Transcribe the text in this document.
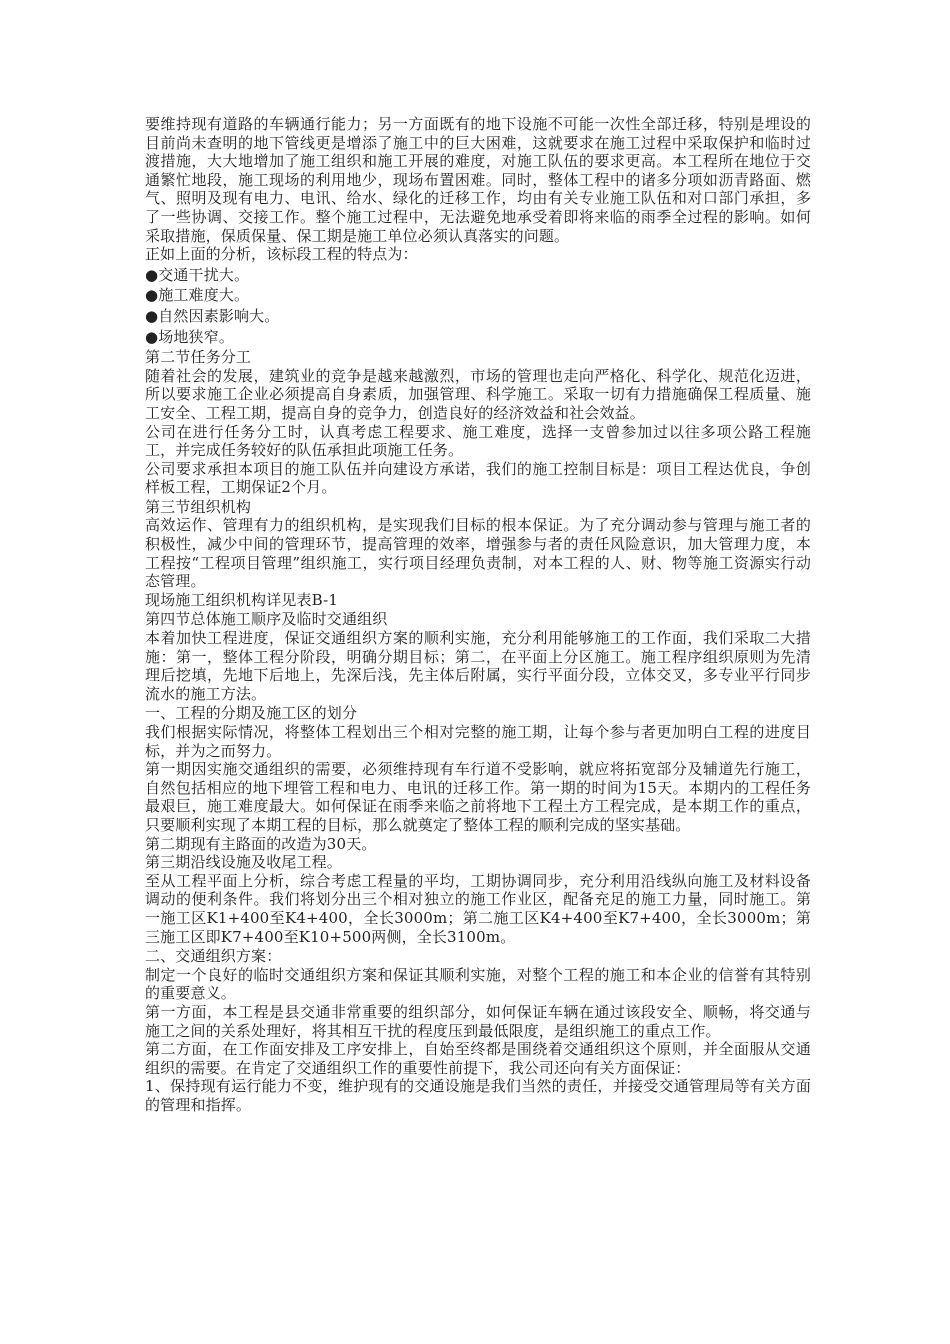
要维持现有道路的车辆通行能力；另一方面既有的地下设施不可能一次性全部迁移，特别是埋设的目前尚未查明的地下管线更是增添了施工中的巨大困难，这就要求在施工过程中采取保护和临时过渡措施，大大地增加了施工组织和施工开展的难度，对施工队伍的要求更高。本工程所在地位于交通繁忙地段，施工现场的利用地少，现场布置困难。同时，整体工程中的诸多分项如沥青路面、燃气、照明及现有电力、电讯、给水、绿化的迁移工作，均由有关专业施工队伍和对口部门承担，多了一些协调、交接工作。整个施工过程中，无法避免地承受着即将来临的雨季全过程的影响。如何采取措施，保质保量、保工期是施工单位必须认真落实的问题。

正如上面的分析，该标段工程的特点为：

●交通干扰大。

●施工难度大。

●自然因素影响大。

●场地狭窄。

第二节任务分工

随着社会的发展，建筑业的竞争是越来越激烈，市场的管理也走向严格化、科学化、规范化迈进，所以要求施工企业必须提高自身素质，加强管理、科学施工。采取一切有力措施确保工程质量、施工安全、工程工期，提高自身的竞争力，创造良好的经济效益和社会效益。

公司在进行任务分工时，认真考虑工程要求、施工难度，选择一支曾参加过以往多项公路工程施工，并完成任务较好的队伍承担此项施工任务。

公司要求承担本项目的施工队伍并向建设方承诺，我们的施工控制目标是：项目工程达优良，争创样板工程，工期保证2个月。

第三节组织机构

高效运作、管理有力的组织机构，是实现我们目标的根本保证。为了充分调动参与管理与施工者的积极性，减少中间的管理环节，提高管理的效率，增强参与者的责任风险意识，加大管理力度，本工程按“工程项目管理”组织施工，实行项目经理负责制，对本工程的人、财、物等施工资源实行动态管理。

现场施工组织机构详见表B-1

第四节总体施工顺序及临时交通组织

本着加快工程进度，保证交通组织方案的顺利实施，充分利用能够施工的工作面，我们采取二大措施：第一，整体工程分阶段，明确分期目标；第二，在平面上分区施工。施工程序组织原则为先清理后挖填，先地下后地上，先深后浅，先主体后附属，实行平面分段，立体交叉，多专业平行同步流水的施工方法。

一、工程的分期及施工区的划分

我们根据实际情况，将整体工程划出三个相对完整的施工期，让每个参与者更加明白工程的进度目标，并为之而努力。

第一期因实施交通组织的需要，必须维持现有车行道不受影响，就应将拓宽部分及辅道先行施工，自然包括相应的地下埋管工程和电力、电讯的迁移工作。第一期的时间为15天。本期内的工程任务最艰巨，施工难度最大。如何保证在雨季来临之前将地下工程土方工程完成，是本期工作的重点，只要顺利实现了本期工程的目标，那么就奠定了整体工程的顺利完成的坚实基础。

第二期现有主路面的改造为30天。

第三期沿线设施及收尾工程。

至从工程平面上分析，综合考虑工程量的平均，工期协调同步，充分利用沿线纵向施工及材料设备调动的便利条件。我们将划分出三个相对独立的施工作业区，配备充足的施工力量，同时施工。第一施工区K1+400至K4+400，全长3000m；第二施工区K4+400至K7+400，全长3000m；第三施工区即K7+400至K10+500两侧，全长3100m。

二、交通组织方案：

制定一个良好的临时交通组织方案和保证其顺利实施，对整个工程的施工和本企业的信誉有其特别的重要意义。

第一方面，本工程是县交通非常重要的组织部分，如何保证车辆在通过该段安全、顺畅，将交通与施工之间的关系处理好，将其相互干扰的程度压到最低限度，是组织施工的重点工作。

第二方面，在工作面安排及工序安排上，自始至终都是围绕着交通组织这个原则，并全面服从交通组织的需要。在肯定了交通组织工作的重要性前提下，我公司还向有关方面保证：

1、保持现有运行能力不变，维护现有的交通设施是我们当然的责任，并接受交通管理局等有关方面的管理和指挥。
